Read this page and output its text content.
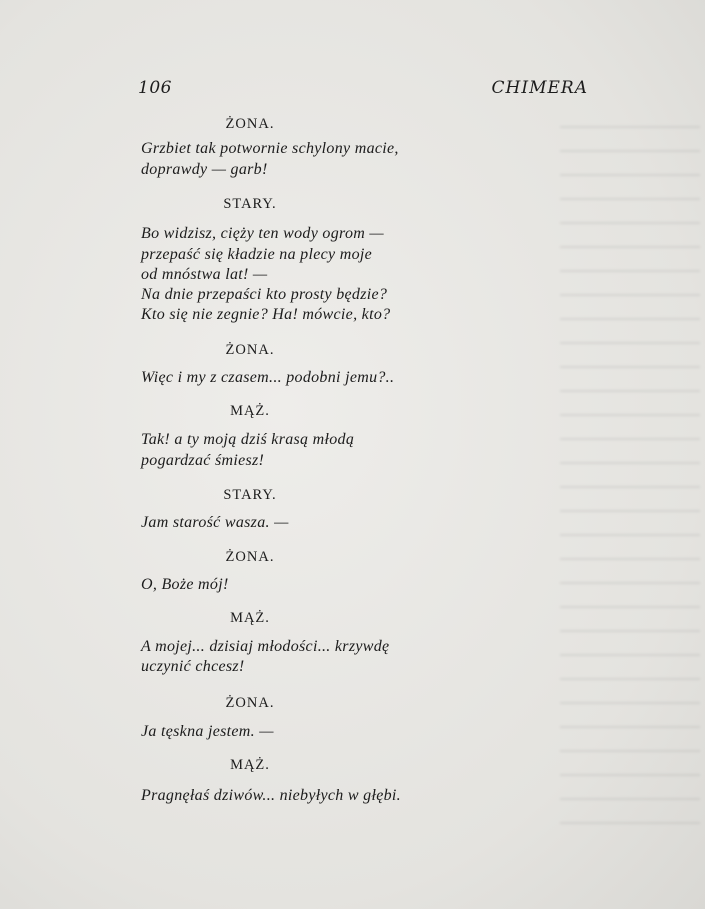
106	CHIMERA
ŻONA.
Grzbiet tak potwornie schylony macie,
doprawdy — garb!
STARY.
Bo widzisz, cięży ten wody ogrom —
przepaść się kładzie na plecy moje
od mnóstwa lat! —
Na dnie przepaści kto prosty będzie?
Kto się nie zegnie? Ha! mówcie, kto?
ŻONA.
Więc i my z czasem... podobni jemu?..
MĄŻ.
Tak! a ty moją dziś krasą młodą
pogardzać śmiesz!
STARY.
Jam starość wasza. —
ŻONA.
O, Boże mój!
MĄŻ.
A mojej... dzisiaj młodości... krzywdę
uczynić chcesz!
ŻONA.
Ja tęskna jestem. —
MĄŻ.
Pragnęłaś dziwów... niebyłych w głębi.
